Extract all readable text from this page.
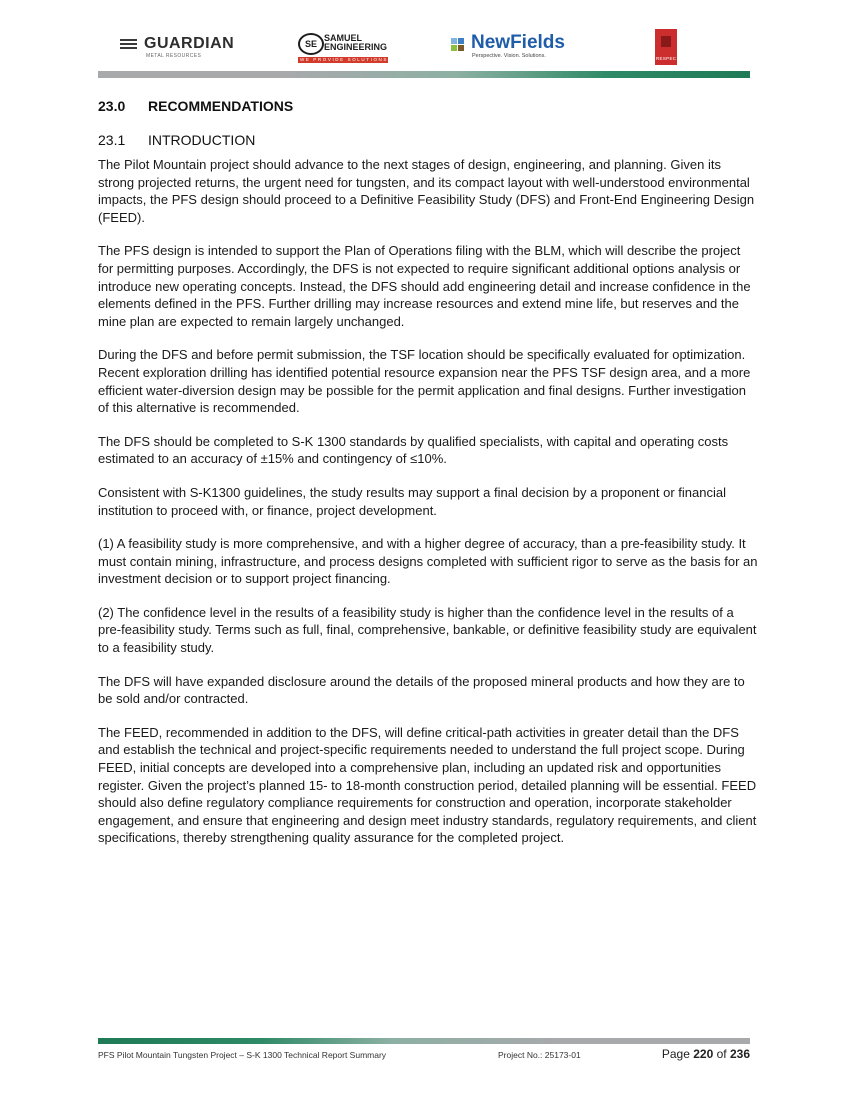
GUARDIAN
METAL RESOURCES
SE
SAMUEL
ENGINEERING
WE PROVIDE SOLUTIONS
NewFields
Perspective. Vision. Solutions.	RESPEC
23.0 RECOMMENDATIONS
23.1 INTRODUCTION

The Pilot Mountain project should advance to the next stages of design, engineering, and planning. Given its strong projected returns, the urgent need for tungsten, and its compact layout with well-understood environmental impacts, the PFS design should proceed to a Definitive Feasibility Study (DFS) and Front-End Engineering Design (FEED).

The PFS design is intended to support the Plan of Operations filing with the BLM, which will describe the project for permitting purposes. Accordingly, the DFS is not expected to require significant additional options analysis or introduce new operating concepts. Instead, the DFS should add engineering detail and increase confidence in the elements defined in the PFS. Further drilling may increase resources and extend mine life, but reserves and the mine plan are expected to remain largely unchanged.

During the DFS and before permit submission, the TSF location should be specifically evaluated for optimization. Recent exploration drilling has identified potential resource expansion near the PFS TSF design area, and a more efficient water-diversion design may be possible for the permit application and final designs. Further investigation of this alternative is recommended.

The DFS should be completed to S-K 1300 standards by qualified specialists, with capital and operating costs estimated to an accuracy of ±15% and contingency of ≤10%.

Consistent with S-K1300 guidelines, the study results may support a final decision by a proponent or financial institution to proceed with, or finance, project development.

(1) A feasibility study is more comprehensive, and with a higher degree of accuracy, than a pre-feasibility study. It must contain mining, infrastructure, and process designs completed with sufficient rigor to serve as the basis for an investment decision or to support project financing.

(2) The confidence level in the results of a feasibility study is higher than the confidence level in the results of a pre-feasibility study. Terms such as full, final, comprehensive, bankable, or definitive feasibility study are equivalent to a feasibility study.

The DFS will have expanded disclosure around the details of the proposed mineral products and how they are to be sold and/or contracted.

The FEED, recommended in addition to the DFS, will define critical-path activities in greater detail than the DFS and establish the technical and project-specific requirements needed to understand the full project scope. During FEED, initial concepts are developed into a comprehensive plan, including an updated risk and opportunities register. Given the project’s planned 15- to 18-month construction period, detailed planning will be essential. FEED should also define regulatory compliance requirements for construction and operation, incorporate stakeholder engagement, and ensure that engineering and design meet industry standards, regulatory requirements, and client specifications, thereby strengthening quality assurance for the completed project.

PFS Pilot Mountain Tungsten Project – S-K 1300 Technical Report Summary	Project No.: 25173-01	Page 220 of 236
